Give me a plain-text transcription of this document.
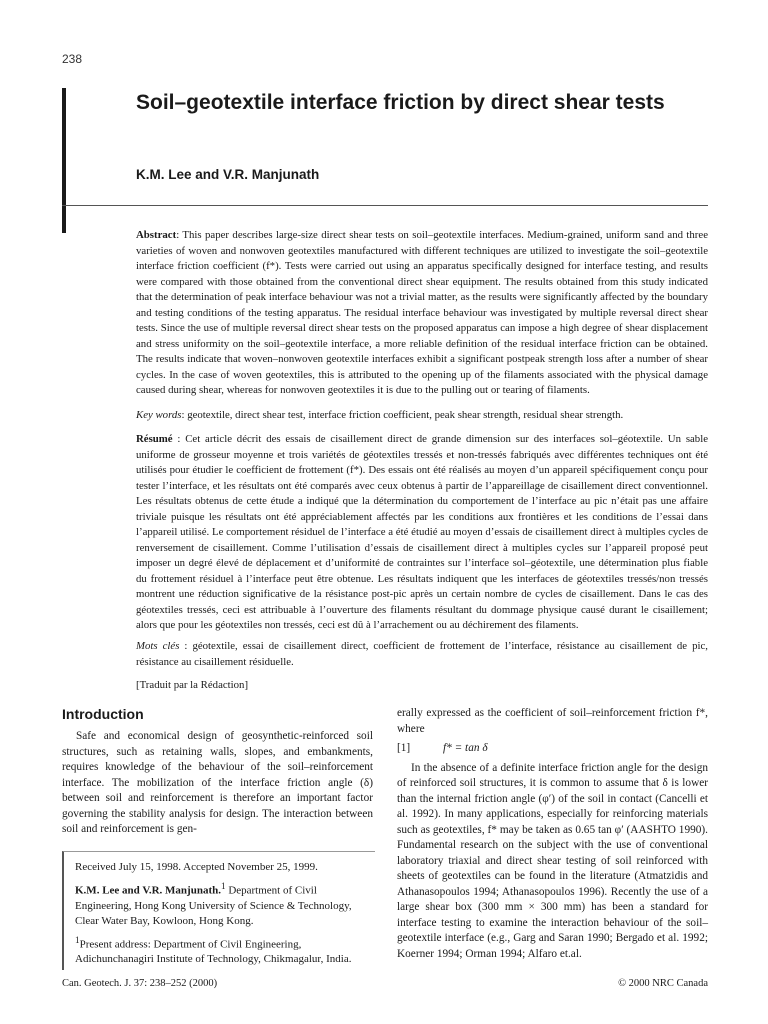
238
Soil–geotextile interface friction by direct shear tests
K.M. Lee and V.R. Manjunath
Abstract: This paper describes large-size direct shear tests on soil–geotextile interfaces. Medium-grained, uniform sand and three varieties of woven and nonwoven geotextiles manufactured with different techniques are utilized to investigate the soil–geotextile interface friction coefficient (f*). Tests were carried out using an apparatus specifically designed for interface testing, and results were compared with those obtained from the conventional direct shear equipment. The results obtained from this study indicated that the determination of peak interface behaviour was not a trivial matter, as the results were significantly affected by the boundary and testing conditions of the testing apparatus. The residual interface behaviour was investigated by multiple reversal direct shear tests. Since the use of multiple reversal direct shear tests on the proposed apparatus can impose a high degree of shear displacement and stress uniformity on the soil–geotextile interface, a more reliable definition of the residual interface friction can be obtained. The results indicate that woven–nonwoven geotextile interfaces exhibit a significant postpeak strength loss after a number of shear cycles. In the case of woven geotextiles, this is attributed to the opening up of the filaments associated with the physical damage caused during shear, whereas for nonwoven geotextiles it is due to the pulling out or tearing of filaments.
Key words: geotextile, direct shear test, interface friction coefficient, peak shear strength, residual shear strength.
Résumé : Cet article décrit des essais de cisaillement direct de grande dimension sur des interfaces sol–géotextile. Un sable uniforme de grosseur moyenne et trois variétés de géotextiles tressés et non-tressés fabriqués avec différentes techniques ont été utilisés pour étudier le coefficient de frottement (f*). Des essais ont été réalisés au moyen d’un appareil spécifiquement conçu pour tester l’interface, et les résultats ont été comparés avec ceux obtenus à partir de l’appareillage de cisaillement direct conventionnel. Les résultats obtenus de cette étude a indiqué que la détermination du comportement de l’interface au pic n’était pas une affaire triviale puisque les résultats ont été appréciablement affectés par les conditions aux frontières et les conditions de l’essai dans l’appareil utilisé. Le comportement résiduel de l’interface a été étudié au moyen d’essais de cisaillement direct à multiples cycles de renversement de cisaillement. Comme l’utilisation d’essais de cisaillement direct à multiples cycles sur l’appareil proposé peut imposer un degré élevé de déplacement et d’uniformité de contraintes sur l’interface sol–géotextile, une détermination plus fiable du frottement résiduel à l’interface peut être obtenue. Les résultats indiquent que les interfaces de géotextiles tressés/non tressés montrent une réduction significative de la résistance post-pic après un certain nombre de cycles de cisaillement. Dans le cas des géotextiles tressés, ceci est attribuable à l’ouverture des filaments résultant du dommage physique causé durant le cisaillement; alors que pour les géotextiles non tressés, ceci est dû à l’arrachement ou au déchirement des filaments.
Mots clés : géotextile, essai de cisaillement direct, coefficient de frottement de l’interface, résistance au cisaillement de pic, résistance au cisaillement résiduelle.
[Traduit par la Rédaction]
Introduction
Safe and economical design of geosynthetic-reinforced soil structures, such as retaining walls, slopes, and embankments, requires knowledge of the behaviour of the soil–reinforcement interface. The mobilization of the interface friction angle (δ) between soil and reinforcement is therefore an important factor governing the stability analysis for design. The interaction between soil and reinforcement is gen-

Received July 15, 1998. Accepted November 25, 1999.

K.M. Lee and V.R. Manjunath.$^1$ Department of Civil Engineering, Hong Kong University of Science & Technology, Clear Water Bay, Kowloon, Hong Kong.

$^1$Present address: Department of Civil Engineering, Adichunchanagiri Institute of Technology, Chikmagalur, India.

erally expressed as the coefficient of soil–reinforcement friction f*, where

[1]	f* = tan δ

In the absence of a definite interface friction angle for the design of reinforced soil structures, it is common to assume that δ is lower than the internal friction angle (φ′) of the soil in contact (Cancelli et al. 1992). In many applications, especially for reinforcing materials such as geotextiles, f* may be taken as 0.65 tan φ′ (AASHTO 1990). Fundamental research on the subject with the use of conventional laboratory triaxial and direct shear testing of soil reinforced with sheets of geotextiles can be found in the literature (Atmatzidis and Athanasopoulos 1994; Athanasopoulos 1996). Recently the use of a large shear box (300 mm × 300 mm) has been a standard for interface testing to examine the interaction behaviour of the soil–geotextile interface (e.g., Garg and Saran 1990; Bergado et al. 1992; Koerner 1994; Orman 1994; Alfaro et.al.

Can. Geotech. J. 37: 238–252 (2000)	© 2000 NRC Canada
